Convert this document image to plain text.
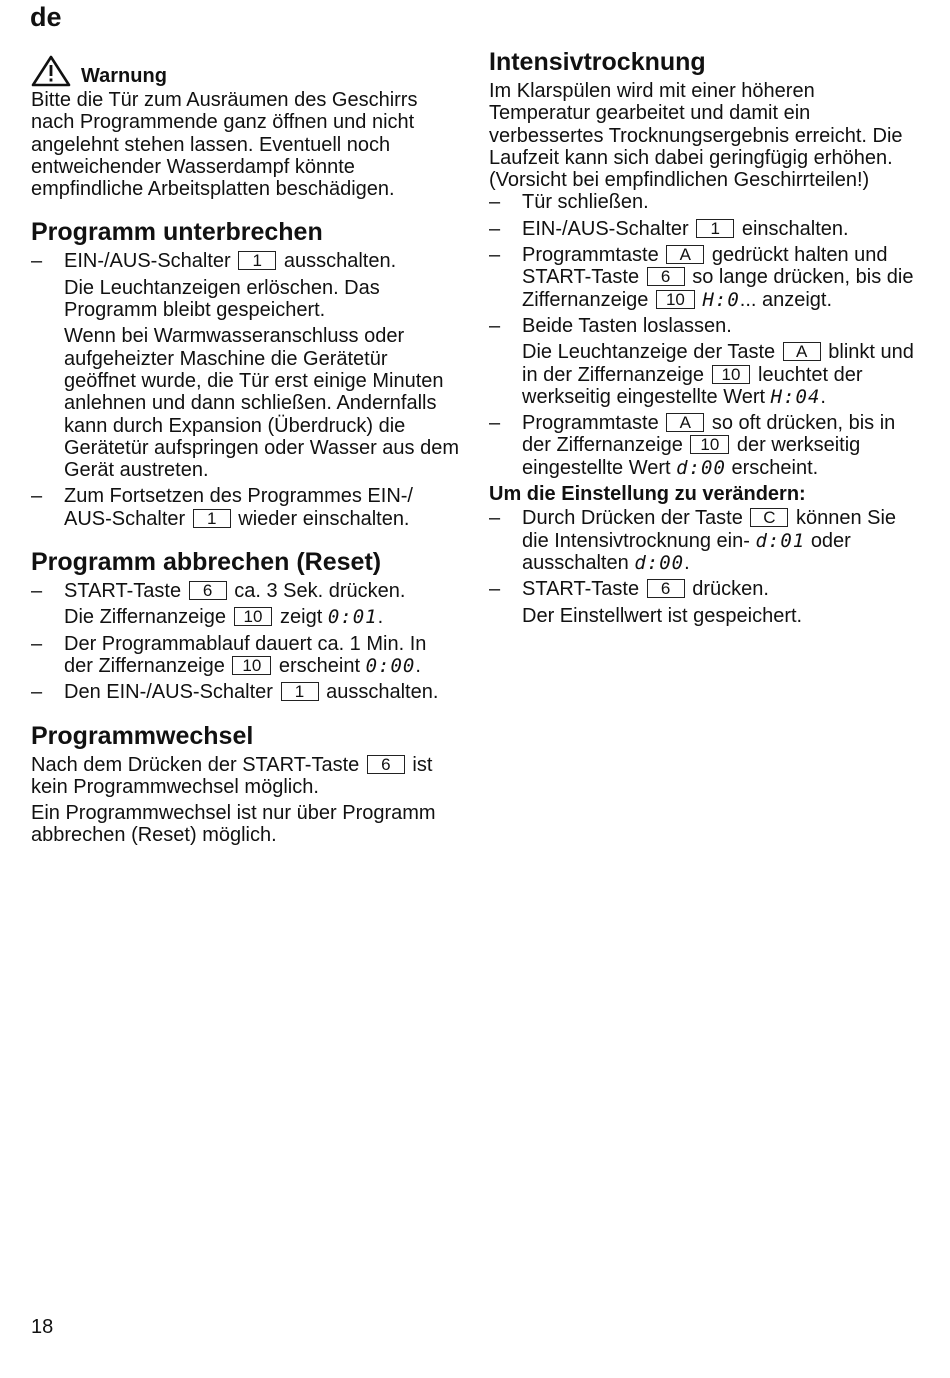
de
Warnung

Bitte die Tür zum Ausräumen des Geschirrs nach Programmende ganz öffnen und nicht angelehnt stehen lassen. Eventuell noch entweichender Wasserdampf könnte empfindliche Arbeitsplatten beschädigen.

Programm unterbrechen

– EIN-/AUS-Schalter 1 ausschalten.

Die Leuchtanzeigen erlöschen. Das Programm bleibt gespeichert.

Wenn bei Warmwasseranschluss oder aufgeheizter Maschine die Gerätetür geöffnet wurde, die Tür erst einige Minuten anlehnen und dann schließen. Andernfalls kann durch Expansion (Überdruck) die Gerätetür aufspringen oder Wasser aus dem Gerät austreten.

– Zum Fortsetzen des Programmes EIN-/ AUS-Schalter 1 wieder einschalten.

Programm abbrechen (Reset)

– START-Taste 6 ca. 3 Sek. drücken.

Die Ziffernanzeige 10 zeigt 0:01.

– Der Programmablauf dauert ca. 1 Min. In der Ziffernanzeige 10 erscheint 0:00.

– Den EIN-/AUS-Schalter 1 ausschalten.

Programmwechsel

Nach dem Drücken der START-Taste 6 ist kein Programmwechsel möglich.

Ein Programmwechsel ist nur über Programm abbrechen (Reset) möglich.

Intensivtrocknung

Im Klarspülen wird mit einer höheren Temperatur gearbeitet und damit ein verbessertes Trocknungsergebnis erreicht. Die Laufzeit kann sich dabei geringfügig erhöhen. (Vorsicht bei empfindlichen Geschirrteilen!)

– Tür schließen.

– EIN-/AUS-Schalter 1 einschalten.

– Programmtaste A gedrückt halten und START-Taste 6 so lange drücken, bis die Ziffernanzeige 10 H:0... anzeigt.

– Beide Tasten loslassen.

Die Leuchtanzeige der Taste A blinkt und in der Ziffernanzeige 10 leuchtet der werkseitig eingestellte Wert H:04.

– Programmtaste A so oft drücken, bis in der Ziffernanzeige 10 der werkseitig eingestellte Wert d:00 erscheint.

Um die Einstellung zu verändern:

– Durch Drücken der Taste C können Sie die Intensivtrocknung ein- d:01 oder ausschalten d:00.

– START-Taste 6 drücken.

Der Einstellwert ist gespeichert.

18
